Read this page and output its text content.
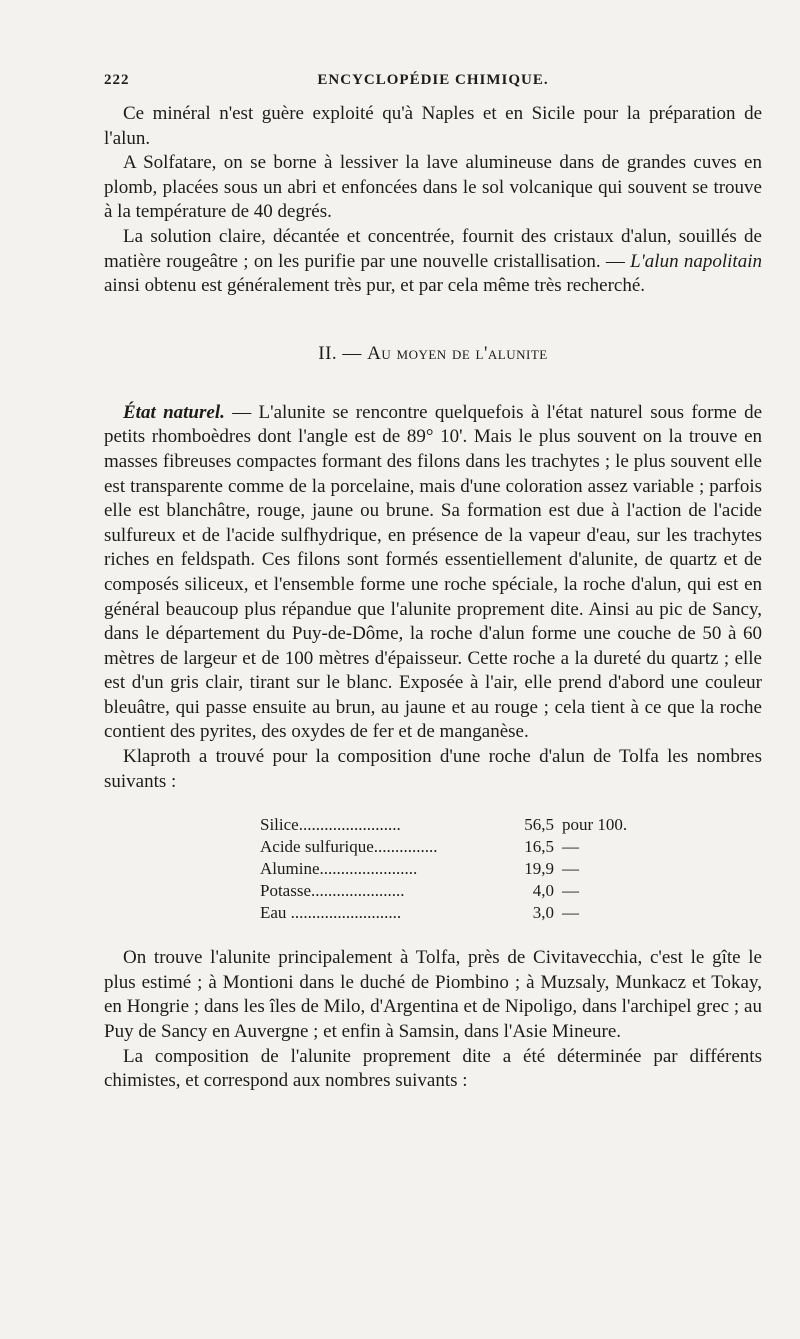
222	ENCYCLOPÉDIE CHIMIQUE.

Ce minéral n'est guère exploité qu'à Naples et en Sicile pour la préparation de l'alun.

A Solfatare, on se borne à lessiver la lave alumineuse dans de grandes cuves en plomb, placées sous un abri et enfoncées dans le sol volcanique qui souvent se trouve à la température de 40 degrés.

La solution claire, décantée et concentrée, fournit des cristaux d'alun, souillés de matière rougeâtre ; on les purifie par une nouvelle cristallisation. — L'alun napolitain ainsi obtenu est généralement très pur, et par cela même très recherché.

II. — Au moyen de l'alunite

État naturel. — L'alunite se rencontre quelquefois à l'état naturel sous forme de petits rhomboèdres dont l'angle est de 89° 10'. Mais le plus souvent on la trouve en masses fibreuses compactes formant des filons dans les trachytes ; le plus souvent elle est transparente comme de la porcelaine, mais d'une coloration assez variable ; parfois elle est blanchâtre, rouge, jaune ou brune. Sa formation est due à l'action de l'acide sulfureux et de l'acide sulfhydrique, en présence de la vapeur d'eau, sur les trachytes riches en feldspath. Ces filons sont formés essentiellement d'alunite, de quartz et de composés siliceux, et l'ensemble forme une roche spéciale, la roche d'alun, qui est en général beaucoup plus répandue que l'alunite proprement dite. Ainsi au pic de Sancy, dans le département du Puy-de-Dôme, la roche d'alun forme une couche de 50 à 60 mètres de largeur et de 100 mètres d'épaisseur. Cette roche a la dureté du quartz ; elle est d'un gris clair, tirant sur le blanc. Exposée à l'air, elle prend d'abord une couleur bleuâtre, qui passe ensuite au brun, au jaune et au rouge ; cela tient à ce que la roche contient des pyrites, des oxydes de fer et de manganèse.

Klaproth a trouvé pour la composition d'une roche d'alun de Tolfa les nombres suivants :

Silice........................	56,5	pour 100.
Acide sulfurique...............	16,5	—
Alumine.......................	19,9	—
Potasse......................	4,0	—
Eau ..........................	3,0	—

On trouve l'alunite principalement à Tolfa, près de Civitavecchia, c'est le gîte le plus estimé ; à Montioni dans le duché de Piombino ; à Muzsaly, Munkacz et Tokay, en Hongrie ; dans les îles de Milo, d'Argentina et de Nipoligo, dans l'archipel grec ; au Puy de Sancy en Auvergne ; et enfin à Samsin, dans l'Asie Mineure.

La composition de l'alunite proprement dite a été déterminée par différents chimistes, et correspond aux nombres suivants :
